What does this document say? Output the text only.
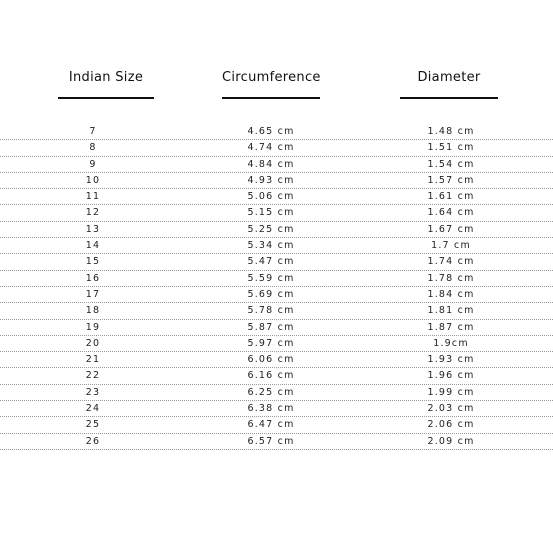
Indian Size	Circumference	Diameter
7	4.65 cm	1.48 cm
8	4.74 cm	1.51 cm
9	4.84 cm	1.54 cm
10	4.93 cm	1.57 cm
11	5.06 cm	1.61 cm
12	5.15 cm	1.64 cm
13	5.25 cm	1.67 cm
14	5.34 cm	1.7 cm
15	5.47 cm	1.74 cm
16	5.59 cm	1.78 cm
17	5.69 cm	1.84 cm
18	5.78 cm	1.81 cm
19	5.87 cm	1.87 cm
20	5.97 cm	1.9cm
21	6.06 cm	1.93 cm
22	6.16 cm	1.96 cm
23	6.25 cm	1.99 cm
24	6.38 cm	2.03 cm
25	6.47 cm	2.06 cm
26	6.57 cm	2.09 cm
